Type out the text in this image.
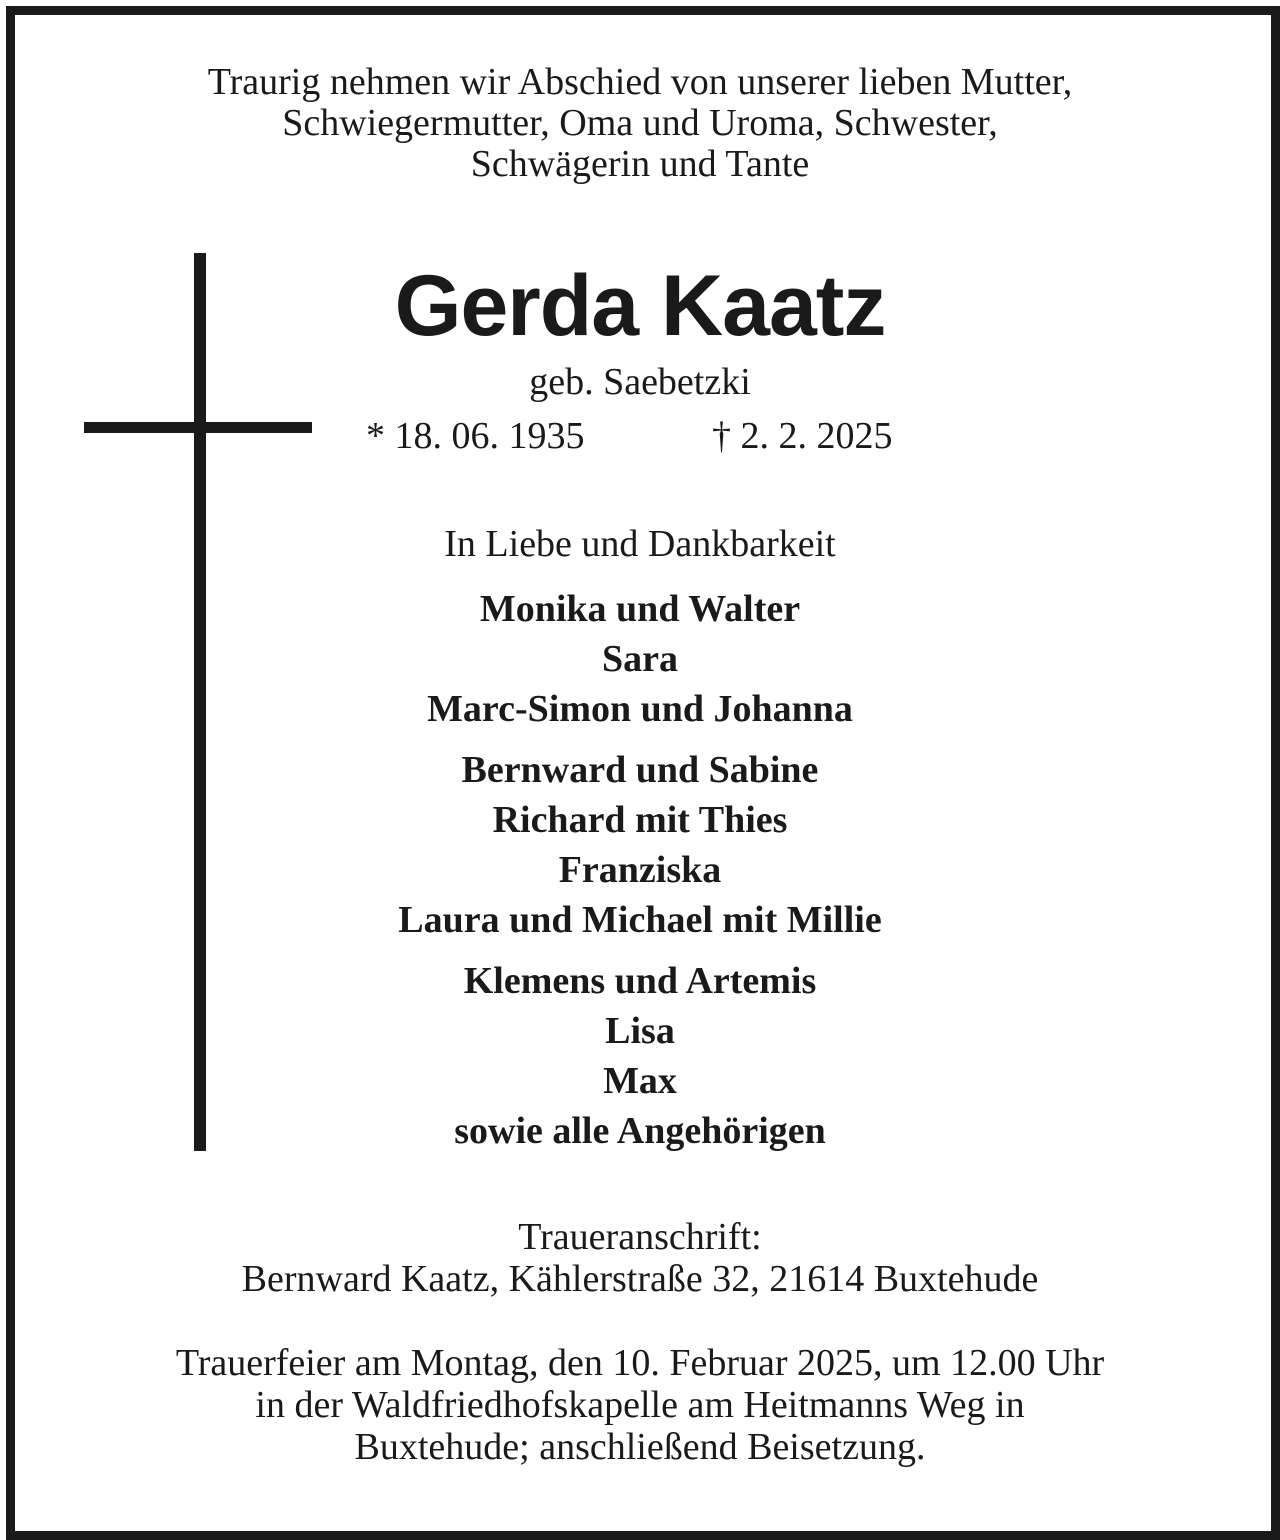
Traurig nehmen wir Abschied von unserer lieben Mutter,
Schwiegermutter, Oma und Uroma, Schwester,
Schwägerin und Tante
Gerda Kaatz
geb. Saebetzki
* 18. 06. 1935	† 2. 2. 2025
In Liebe und Dankbarkeit
Monika und Walter
Sara
Marc-Simon und Johanna
Bernward und Sabine
Richard mit Thies
Franziska
Laura und Michael mit Millie
Klemens und Artemis
Lisa
Max
sowie alle Angehörigen
Traueranschrift:
Bernward Kaatz, Kählerstraße 32, 21614 Buxtehude
Trauerfeier am Montag, den 10. Februar 2025, um 12.00 Uhr
in der Waldfriedhofskapelle am Heitmanns Weg in
Buxtehude; anschließend Beisetzung.
